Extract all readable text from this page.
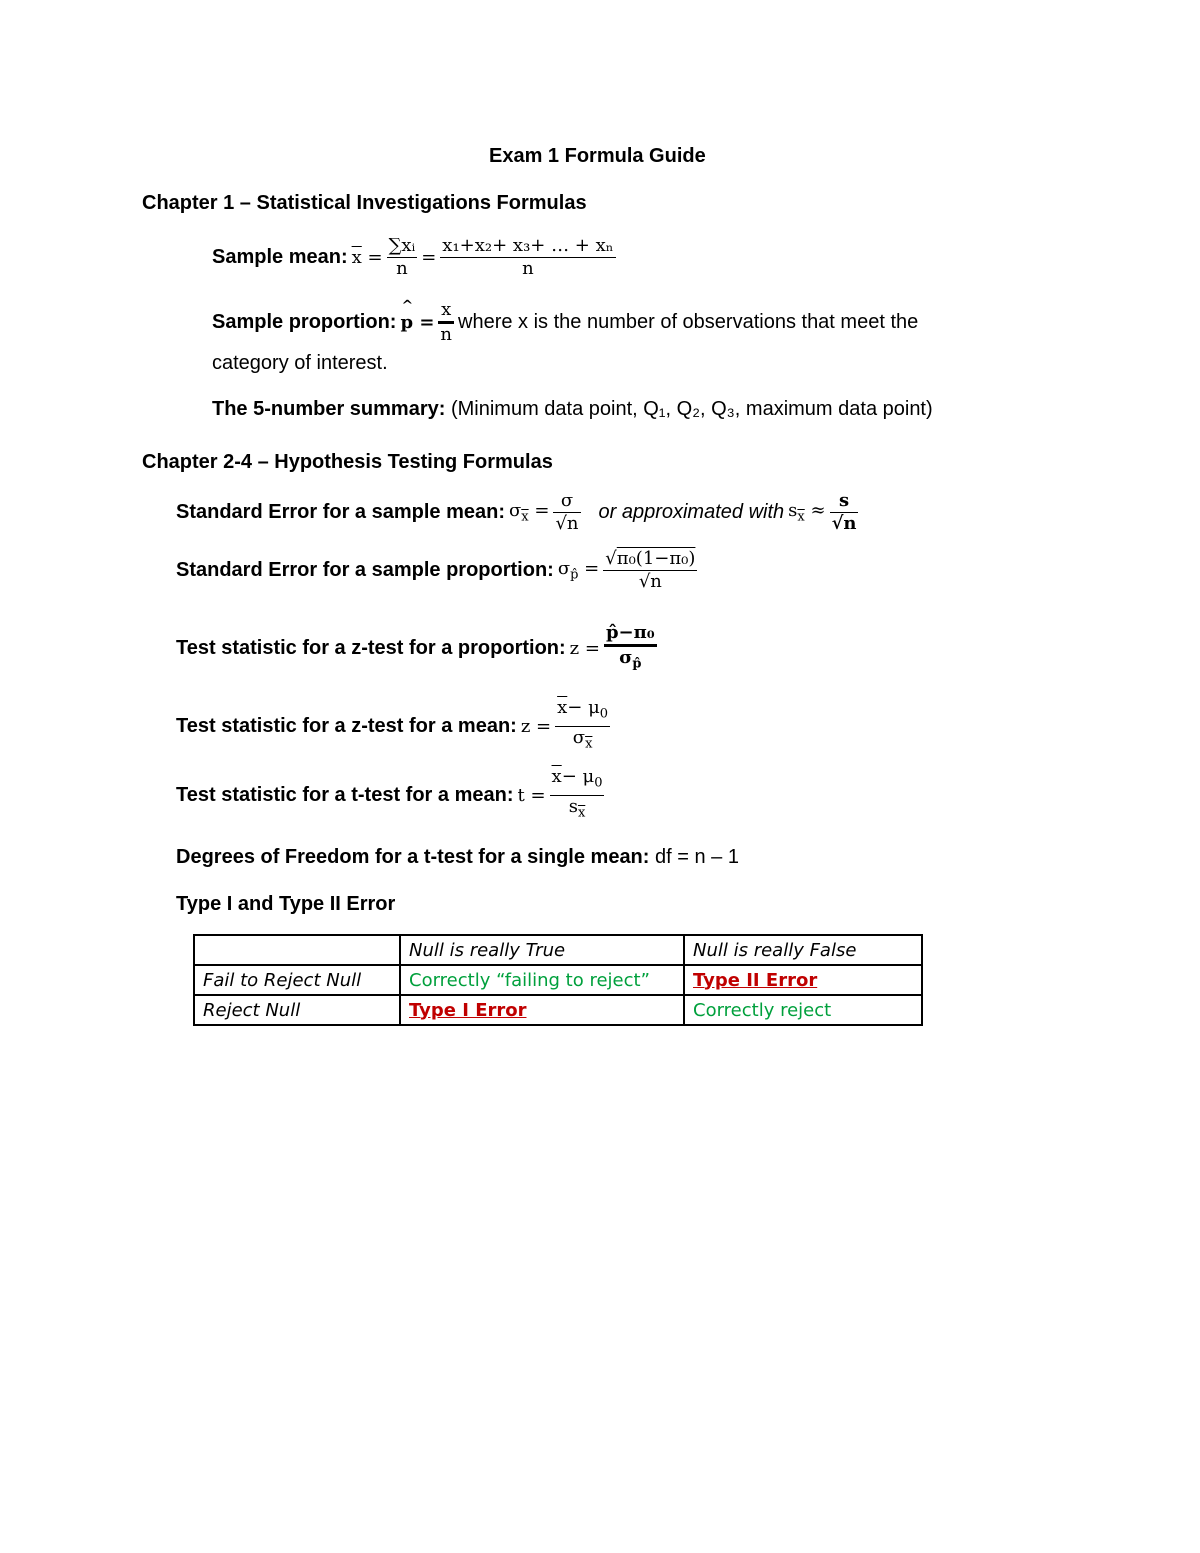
Exam 1 Formula Guide
Chapter 1 – Statistical Investigations Formulas
Sample mean: $\overline{x} = \frac{\text{∑xᵢ}}{n} = \frac{\text{x₁+x₂+ x₃+ … + xₙ}}{n}$
Sample proportion: ^ $p = \frac{x}{n}$ where x is the number of observations that meet the
category of interest.
The 5-number summary: (Minimum data point, Q₁, Q₂, Q₃, maximum data point)
Chapter 2-4 – Hypothesis Testing Formulas
Standard Error for a sample mean: $\sigma_{\overline{x}} = \frac{\sigma}{√n}$ or approximated with $s_{\overline{x}} \approx \frac{s}{√n}$
Standard Error for a sample proportion: $\sigma_{p̂} = \frac{\text{√π₀(1−π₀)}}{√n}$
Test statistic for a z-test for a proportion: $z = \frac{\text{p̂−π₀}}{\sigma_{p̂}}$
Test statistic for a z-test for a mean: $z = \frac{\overline{x}- \mu_0}{\sigma_{\overline{x}}}$
Test statistic for a t-test for a mean: $t = \frac{\overline{x}- \mu_0}{s_{\overline{x}}}$
Degrees of Freedom for a t-test for a single mean: df = n – 1
Type I and Type II Error
	Null is really True	Null is really False
Fail to Reject Null	Correctly “failing to reject”	Type II Error
Reject Null	Type I Error	Correctly reject
